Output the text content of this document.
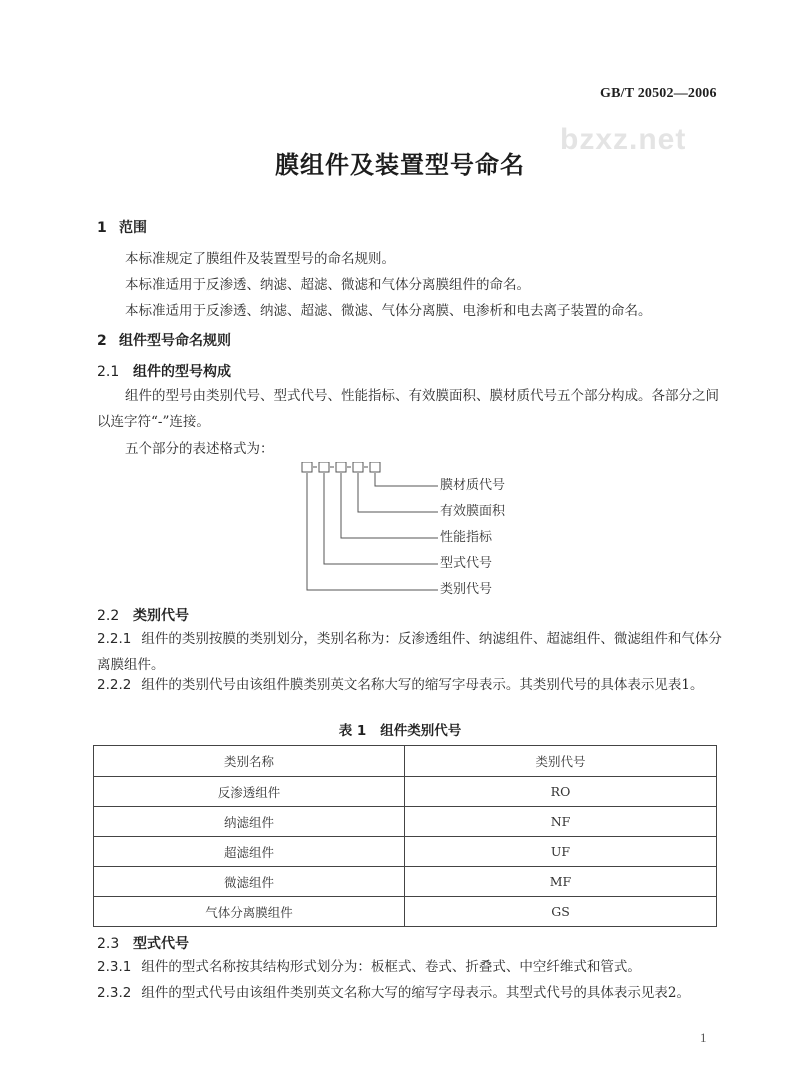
GB/T 20502—2006
bzxz.net
膜组件及装置型号命名
1 范围
本标准规定了膜组件及装置型号的命名规则。
本标准适用于反渗透、纳滤、超滤、微滤和气体分离膜组件的命名。
本标准适用于反渗透、纳滤、超滤、微滤、气体分离膜、电渗析和电去离子装置的命名。
2 组件型号命名规则
2.1 组件的型号构成
组件的型号由类别代号、型式代号、性能指标、有效膜面积、膜材质代号五个部分构成。各部分之间以连字符“-”连接。
五个部分的表述格式为：
膜材质代号
有效膜面积
性能指标
型式代号
类别代号
2.2 类别代号
2.2.1 组件的类别按膜的类别划分，类别名称为：反渗透组件、纳滤组件、超滤组件、微滤组件和气体分离膜组件。
2.2.2 组件的类别代号由该组件膜类别英文名称大写的缩写字母表示。其类别代号的具体表示见表1。
表 1 组件类别代号
类别名称	类别代号
反渗透组件	RO
纳滤组件	NF
超滤组件	UF
微滤组件	MF
气体分离膜组件	GS
2.3 型式代号
2.3.1 组件的型式名称按其结构形式划分为：板框式、卷式、折叠式、中空纤维式和管式。
2.3.2 组件的型式代号由该组件类别英文名称大写的缩写字母表示。其型式代号的具体表示见表2。
1
